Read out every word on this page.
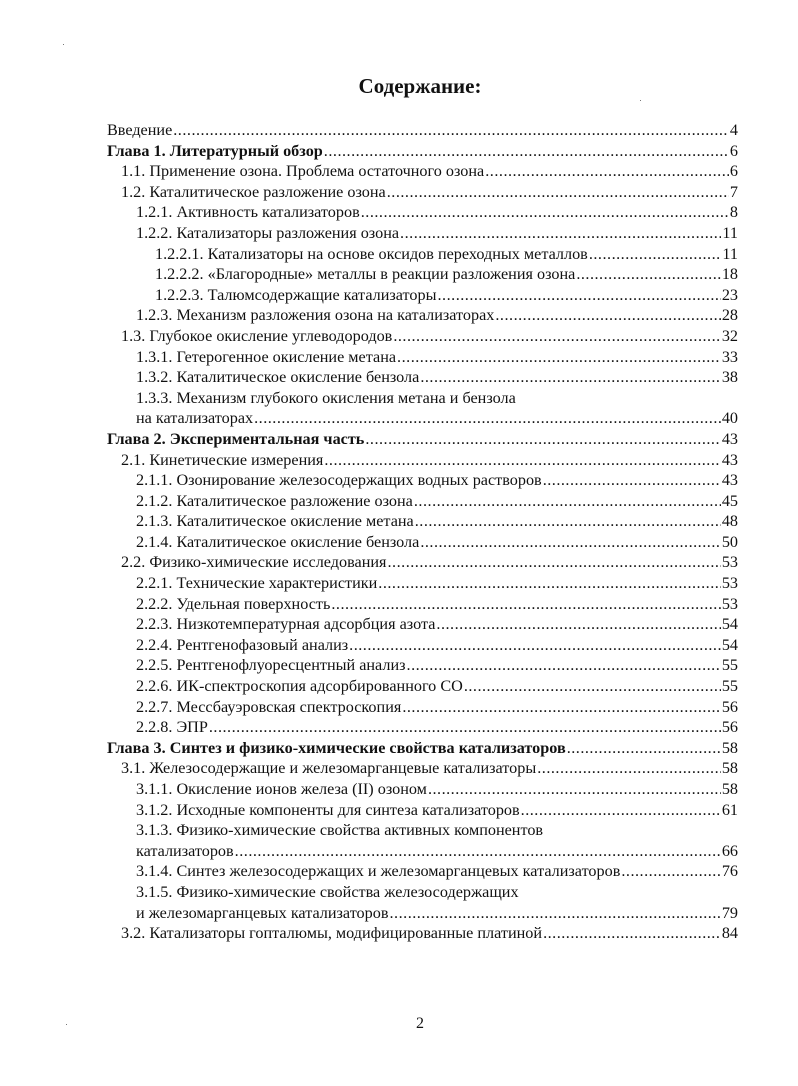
Содержание:
Введение .....	4
Глава 1. Литературный обзор .....	6
1.1. Применение озона. Проблема остаточного озона .....	6
1.2. Каталитическое разложение озона .....	7
1.2.1. Активность катализаторов .....	8
1.2.2. Катализаторы разложения озона .....	11
1.2.2.1. Катализаторы на основе оксидов переходных металлов .....	11
1.2.2.2. «Благородные» металлы в реакции разложения озона .....	18
1.2.2.3. Талюмсодержащие катализаторы .....	23
1.2.3. Механизм разложения озона на катализаторах .....	28
1.3. Глубокое окисление углеводородов .....	32
1.3.1. Гетерогенное окисление метана .....	33
1.3.2. Каталитическое окисление бензола .....	38
1.3.3. Механизм глубокого окисления метана и бензола
на катализаторах .....	40
Глава 2. Экспериментальная часть .....	43
2.1. Кинетические измерения .....	43
2.1.1. Озонирование железосодержащих водных растворов .....	43
2.1.2. Каталитическое разложение озона .....	45
2.1.3. Каталитическое окисление метана .....	48
2.1.4. Каталитическое окисление бензола .....	50
2.2. Физико-химические исследования .....	53
2.2.1. Технические характеристики .....	53
2.2.2. Удельная поверхность .....	53
2.2.3. Низкотемпературная адсорбция азота .....	54
2.2.4. Рентгенофазовый анализ .....	54
2.2.5. Рентгенофлуоресцентный анализ .....	55
2.2.6. ИК-спектроскопия адсорбированного СО .....	55
2.2.7. Мессбауэровская спектроскопия .....	56
2.2.8. ЭПР .....	56
Глава 3. Синтез и физико-химические свойства катализаторов .....	58
3.1. Железосодержащие и железомарганцевые катализаторы .....	58
3.1.1. Окисление ионов железа (II) озоном .....	58
3.1.2. Исходные компоненты для синтеза катализаторов .....	61
3.1.3. Физико-химические свойства активных компонентов
катализаторов .....	66
3.1.4. Синтез железосодержащих и железомарганцевых катализаторов .....	76
3.1.5. Физико-химические свойства железосодержащих
и железомарганцевых катализаторов .....	79
3.2. Катализаторы гопталюмы, модифицированные платиной .....	84
2
